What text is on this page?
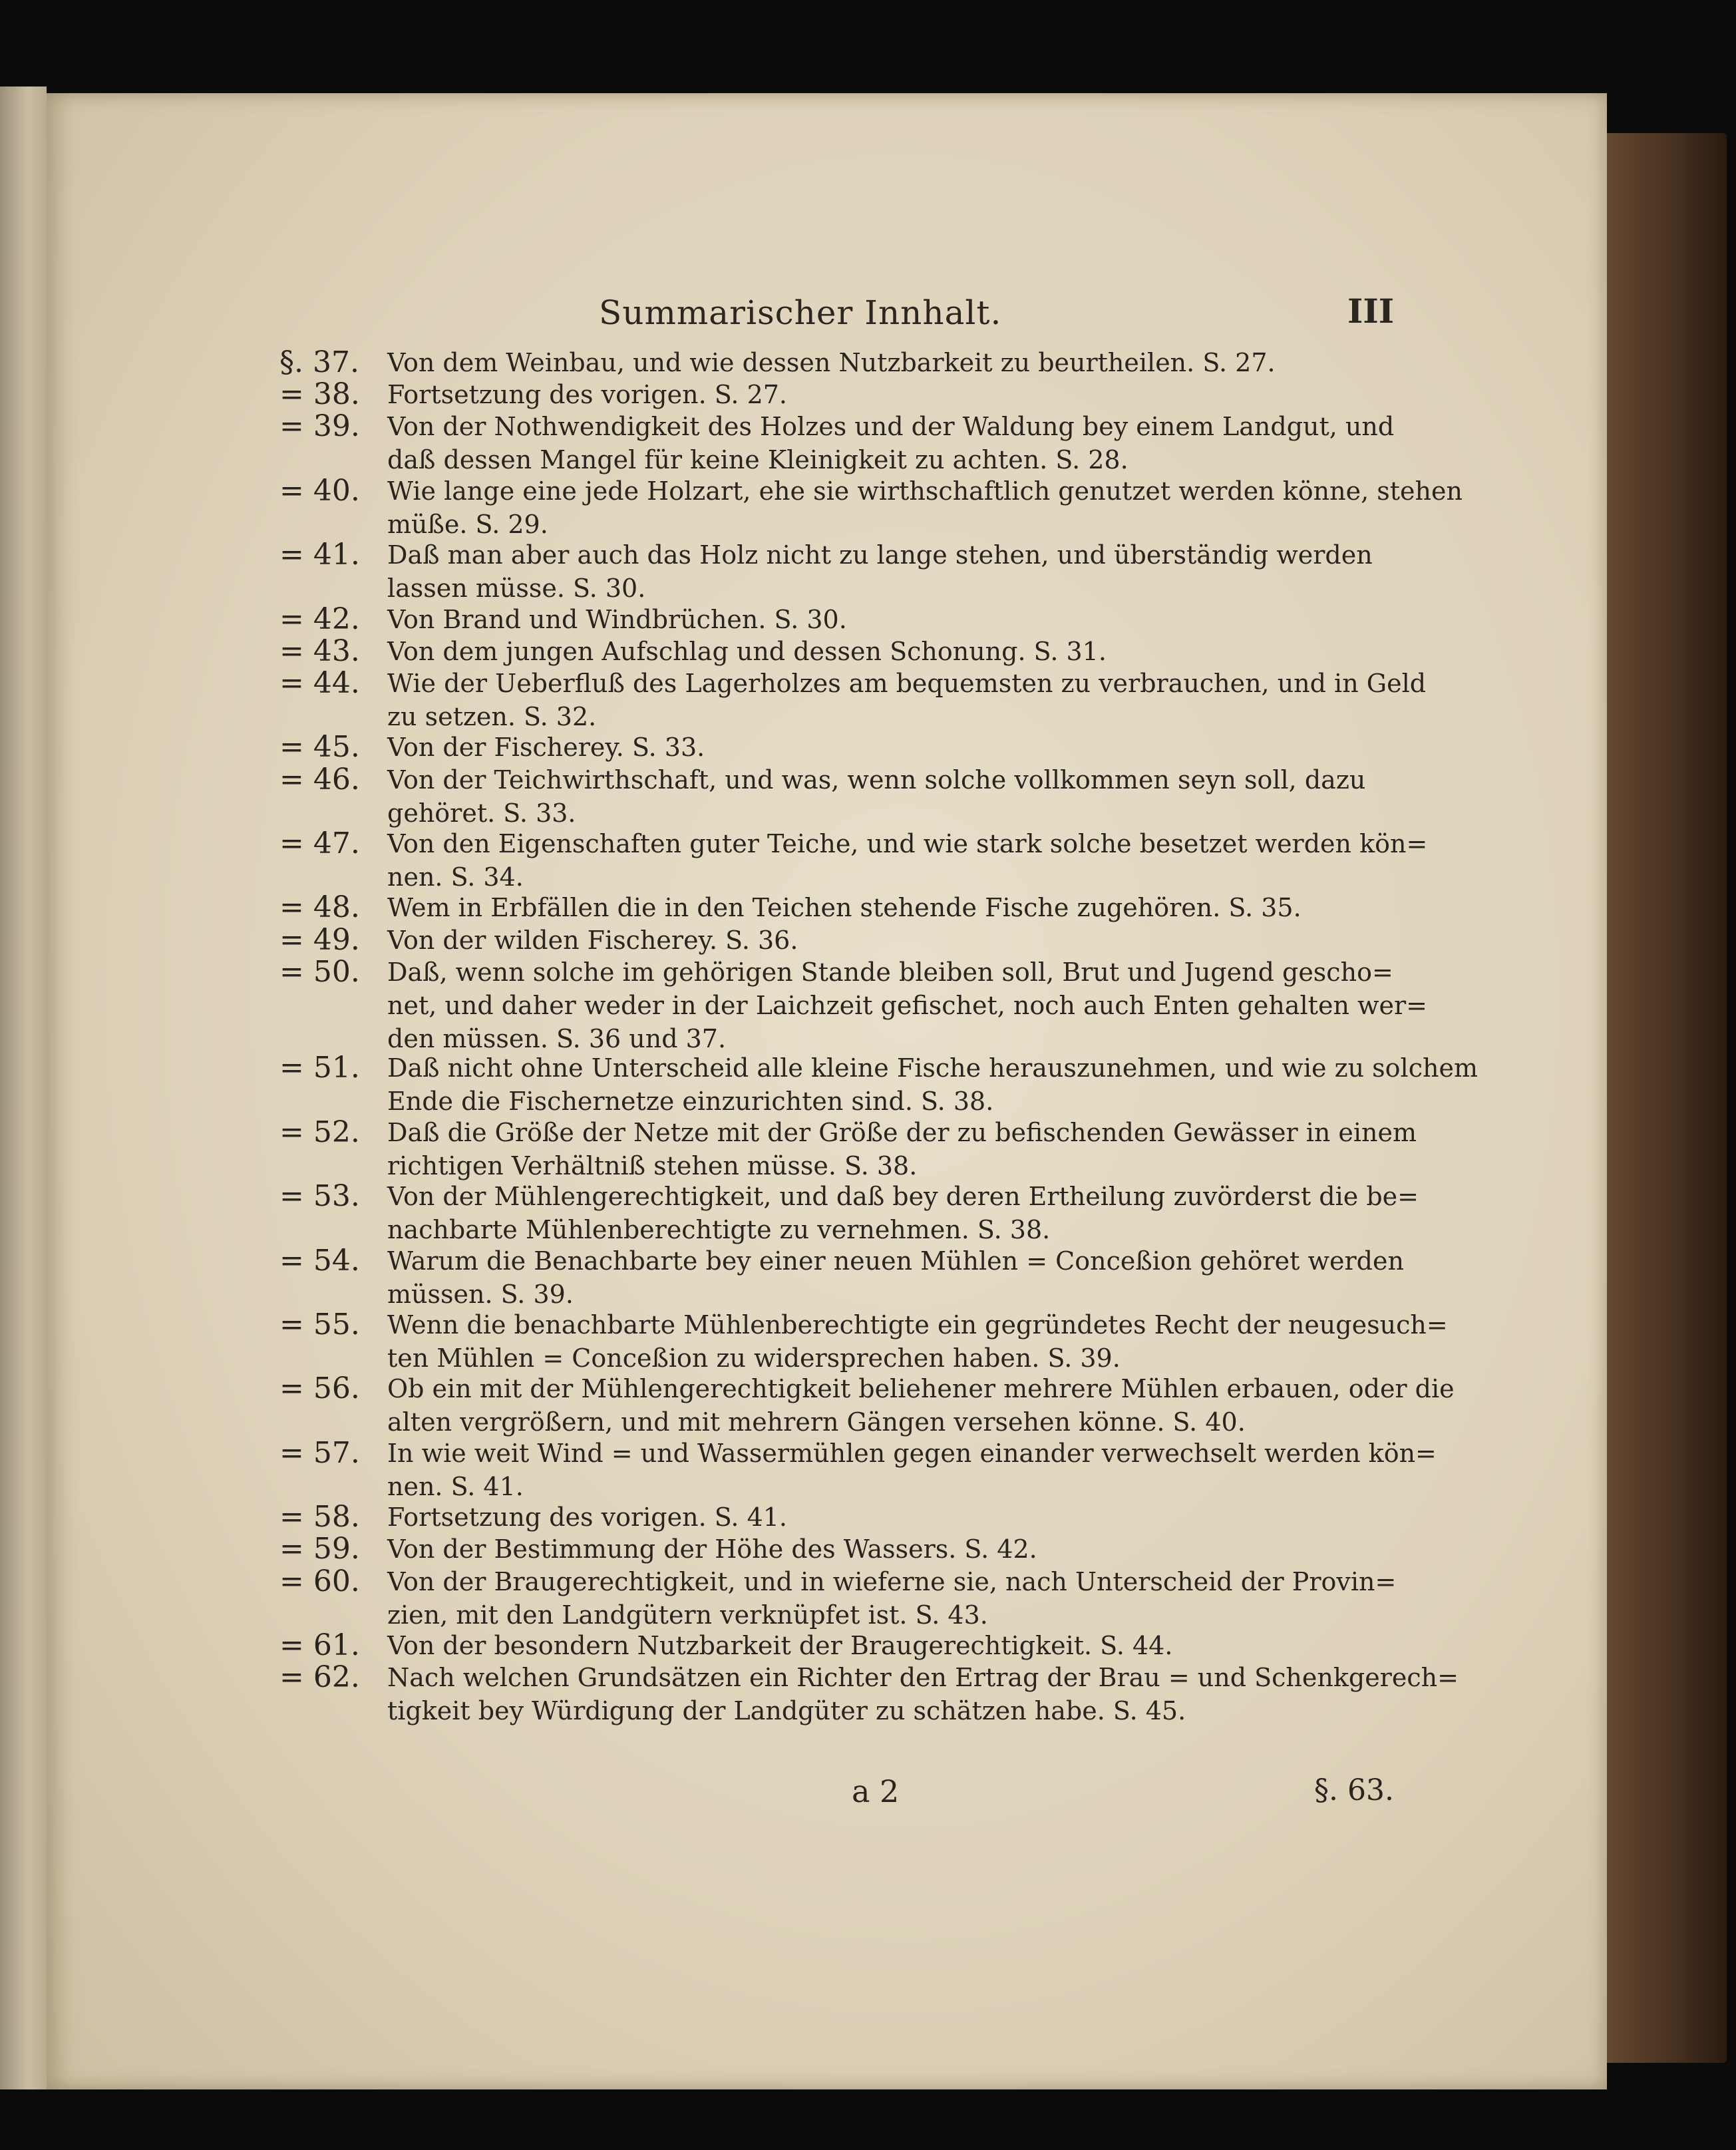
Summarischer Innhalt.	III
§. 37.	Von dem Weinbau, und wie dessen Nutzbarkeit zu beurtheilen. S. 27.
= 38.	Fortsetzung des vorigen. S. 27.
= 39.	Von der Nothwendigkeit des Holzes und der Waldung bey einem Landgut, und
daß dessen Mangel für keine Kleinigkeit zu achten. S. 28.
= 40.	Wie lange eine jede Holzart, ehe sie wirthschaftlich genutzet werden könne, stehen
müße. S. 29.
= 41.	Daß man aber auch das Holz nicht zu lange stehen, und überständig werden
lassen müsse. S. 30.
= 42.	Von Brand und Windbrüchen. S. 30.
= 43.	Von dem jungen Aufschlag und dessen Schonung. S. 31.
= 44.	Wie der Ueberfluß des Lagerholzes am bequemsten zu verbrauchen, und in Geld
zu setzen. S. 32.
= 45.	Von der Fischerey. S. 33.
= 46.	Von der Teichwirthschaft, und was, wenn solche vollkommen seyn soll, dazu
gehöret. S. 33.
= 47.	Von den Eigenschaften guter Teiche, und wie stark solche besetzet werden kön=
nen. S. 34.
= 48.	Wem in Erbfällen die in den Teichen stehende Fische zugehören. S. 35.
= 49.	Von der wilden Fischerey. S. 36.
= 50.	Daß, wenn solche im gehörigen Stande bleiben soll, Brut und Jugend gescho=
net, und daher weder in der Laichzeit gefischet, noch auch Enten gehalten wer=
den müssen. S. 36 und 37.
= 51.	Daß nicht ohne Unterscheid alle kleine Fische herauszunehmen, und wie zu solchem
Ende die Fischernetze einzurichten sind. S. 38.
= 52.	Daß die Größe der Netze mit der Größe der zu befischenden Gewässer in einem
richtigen Verhältniß stehen müsse. S. 38.
= 53.	Von der Mühlengerechtigkeit, und daß bey deren Ertheilung zuvörderst die be=
nachbarte Mühlenberechtigte zu vernehmen. S. 38.
= 54.	Warum die Benachbarte bey einer neuen Mühlen = Conceßion gehöret werden
müssen. S. 39.
= 55.	Wenn die benachbarte Mühlenberechtigte ein gegründetes Recht der neugesuch=
ten Mühlen = Conceßion zu widersprechen haben. S. 39.
= 56.	Ob ein mit der Mühlengerechtigkeit beliehener mehrere Mühlen erbauen, oder die
alten vergrößern, und mit mehrern Gängen versehen könne. S. 40.
= 57.	In wie weit Wind = und Wassermühlen gegen einander verwechselt werden kön=
nen. S. 41.
= 58.	Fortsetzung des vorigen. S. 41.
= 59.	Von der Bestimmung der Höhe des Wassers. S. 42.
= 60.	Von der Braugerechtigkeit, und in wieferne sie, nach Unterscheid der Provin=
zien, mit den Landgütern verknüpfet ist. S. 43.
= 61.	Von der besondern Nutzbarkeit der Braugerechtigkeit. S. 44.
= 62.	Nach welchen Grundsätzen ein Richter den Ertrag der Brau = und Schenkgerech=
tigkeit bey Würdigung der Landgüter zu schätzen habe. S. 45.
a 2	§. 63.
